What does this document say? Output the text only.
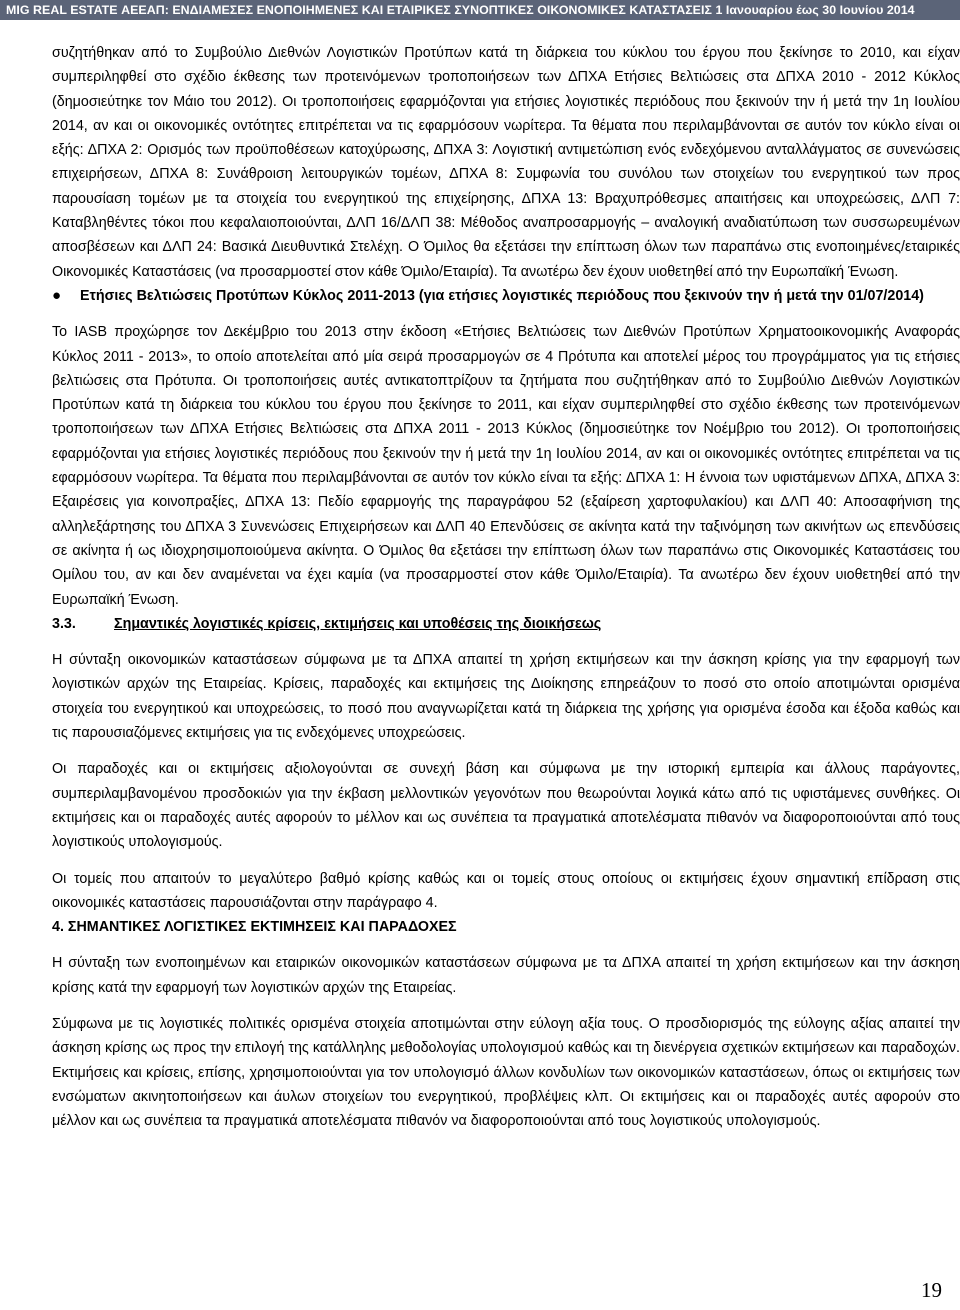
MIG REAL ESTATE ΑΕΕΑΠ: ΕΝΔΙΑΜΕΣΕΣ ΕΝΟΠΟΙΗΜΕΝΕΣ ΚΑΙ ΕΤΑΙΡΙΚΕΣ ΣΥΝΟΠΤΙΚΕΣ ΟΙΚΟΝΟΜΙΚΕΣ ΚΑΤΑΣΤΑΣΕΙΣ 1 Ιανουαρίου έως 30 Ιουνίου 2014

συζητήθηκαν από το Συμβούλιο Διεθνών Λογιστικών Προτύπων κατά τη διάρκεια του κύκλου του έργου που ξεκίνησε το 2010, και είχαν συμπεριληφθεί στο σχέδιο έκθεσης των προτεινόμενων τροποποιήσεων των ΔΠΧΑ Ετήσιες Βελτιώσεις στα ΔΠΧΑ 2010 - 2012 Κύκλος (δημοσιεύτηκε τον Μάιο του 2012). Οι τροποποιήσεις εφαρμόζονται για ετήσιες λογιστικές περιόδους που ξεκινούν την ή μετά την 1η Ιουλίου 2014, αν και οι οικονομικές οντότητες επιτρέπεται να τις εφαρμόσουν νωρίτερα. Τα θέματα που περιλαμβάνονται σε αυτόν τον κύκλο είναι οι εξής: ΔΠΧΑ 2: Ορισμός των προϋποθέσεων κατοχύρωσης, ΔΠΧΑ 3: Λογιστική αντιμετώπιση ενός ενδεχόμενου ανταλλάγματος σε συνενώσεις επιχειρήσεων, ΔΠΧΑ 8: Συνάθροιση λειτουργικών τομέων, ΔΠΧΑ 8: Συμφωνία του συνόλου των στοιχείων του ενεργητικού των προς παρουσίαση τομέων με τα στοιχεία του ενεργητικού της επιχείρησης, ΔΠΧΑ 13: Βραχυπρόθεσμες απαιτήσεις και υποχρεώσεις, ΔΛΠ 7: Καταβληθέντες τόκοι που κεφαλαιοποιούνται, ΔΛΠ 16/ΔΛΠ 38: Μέθοδος αναπροσαρμογής – αναλογική αναδιατύπωση των συσσωρευμένων αποσβέσεων και ΔΛΠ 24: Βασικά Διευθυντικά Στελέχη. Ο Όμιλος θα εξετάσει την επίπτωση όλων των παραπάνω στις ενοποιημένες/εταιρικές Οικονομικές Καταστάσεις (να προσαρμοστεί στον κάθε Όμιλο/Εταιρία). Τα ανωτέρω δεν έχουν υιοθετηθεί από την Ευρωπαϊκή Ένωση.

●	Ετήσιες Βελτιώσεις Προτύπων Κύκλος 2011-2013 (για ετήσιες λογιστικές περιόδους που ξεκινούν την ή μετά την 01/07/2014)

Το IASB προχώρησε τον Δεκέμβριο του 2013 στην έκδοση «Ετήσιες Βελτιώσεις των Διεθνών Προτύπων Χρηματοοικονομικής Αναφοράς Κύκλος 2011 - 2013», το οποίο αποτελείται από μία σειρά προσαρμογών σε 4 Πρότυπα και αποτελεί μέρος του προγράμματος για τις ετήσιες βελτιώσεις στα Πρότυπα. Οι τροποποιήσεις αυτές αντικατοπτρίζουν τα ζητήματα που συζητήθηκαν από το Συμβούλιο Διεθνών Λογιστικών Προτύπων κατά τη διάρκεια του κύκλου του έργου που ξεκίνησε το 2011, και είχαν συμπεριληφθεί στο σχέδιο έκθεσης των προτεινόμενων τροποποιήσεων των ΔΠΧΑ Ετήσιες Βελτιώσεις στα ΔΠΧΑ 2011 - 2013 Κύκλος (δημοσιεύτηκε τον Νοέμβριο του 2012). Οι τροποποιήσεις εφαρμόζονται για ετήσιες λογιστικές περιόδους που ξεκινούν την ή μετά την 1η Ιουλίου 2014, αν και οι οικονομικές οντότητες επιτρέπεται να τις εφαρμόσουν νωρίτερα. Τα θέματα που περιλαμβάνονται σε αυτόν τον κύκλο είναι τα εξής: ΔΠΧΑ 1: Η έννοια των υφιστάμενων ΔΠΧΑ, ΔΠΧΑ 3: Εξαιρέσεις για κοινοπραξίες, ΔΠΧΑ 13: Πεδίο εφαρμογής της παραγράφου 52 (εξαίρεση χαρτοφυλακίου) και ΔΛΠ 40: Αποσαφήνιση της αλληλεξάρτησης του ΔΠΧΑ 3 Συνενώσεις Επιχειρήσεων και ΔΛΠ 40 Επενδύσεις σε ακίνητα κατά την ταξινόμηση των ακινήτων ως επενδύσεις σε ακίνητα ή ως ιδιοχρησιμοποιούμενα ακίνητα. Ο Όμιλος θα εξετάσει την επίπτωση όλων των παραπάνω στις Οικονομικές Καταστάσεις του Ομίλου του, αν και δεν αναμένεται να έχει καμία (να προσαρμοστεί στον κάθε Όμιλο/Εταιρία). Τα ανωτέρω δεν έχουν υιοθετηθεί από την Ευρωπαϊκή Ένωση.

3.3.	Σημαντικές λογιστικές κρίσεις, εκτιμήσεις και υποθέσεις της διοικήσεως

Η σύνταξη οικονομικών καταστάσεων σύμφωνα με τα ΔΠΧΑ απαιτεί τη χρήση εκτιμήσεων και την άσκηση κρίσης για την εφαρμογή των λογιστικών αρχών της Εταιρείας. Κρίσεις, παραδοχές και εκτιμήσεις της Διοίκησης επηρεάζουν το ποσό στο οποίο αποτιμώνται ορισμένα στοιχεία του ενεργητικού και υποχρεώσεις, το ποσό που αναγνωρίζεται κατά τη διάρκεια της χρήσης για ορισμένα έσοδα και έξοδα καθώς και τις παρουσιαζόμενες εκτιμήσεις για τις ενδεχόμενες υποχρεώσεις.

Οι παραδοχές και οι εκτιμήσεις αξιολογούνται σε συνεχή βάση και σύμφωνα με την ιστορική εμπειρία και άλλους παράγοντες, συμπεριλαμβανομένου προσδοκιών για την έκβαση μελλοντικών γεγονότων που θεωρούνται λογικά κάτω από τις υφιστάμενες συνθήκες. Οι εκτιμήσεις και οι παραδοχές αυτές αφορούν το μέλλον και ως συνέπεια τα πραγματικά αποτελέσματα πιθανόν να διαφοροποιούνται από τους λογιστικούς υπολογισμούς.

Οι τομείς που απαιτούν το μεγαλύτερο βαθμό κρίσης καθώς και οι τομείς στους οποίους οι εκτιμήσεις έχουν σημαντική επίδραση στις οικονομικές καταστάσεις παρουσιάζονται στην παράγραφο 4.

4. ΣΗΜΑΝΤΙΚΕΣ ΛΟΓΙΣΤΙΚΕΣ ΕΚΤΙΜΗΣΕΙΣ ΚΑΙ ΠΑΡΑΔΟΧΕΣ

Η σύνταξη των ενοποιημένων και εταιρικών οικονομικών καταστάσεων σύμφωνα με τα ΔΠΧΑ απαιτεί τη χρήση εκτιμήσεων και την άσκηση κρίσης κατά την εφαρμογή των λογιστικών αρχών της Εταιρείας.

Σύμφωνα με τις λογιστικές πολιτικές ορισμένα στοιχεία αποτιμώνται στην εύλογη αξία τους. Ο προσδιορισμός της εύλογης αξίας απαιτεί την άσκηση κρίσης ως προς την επιλογή της κατάλληλης μεθοδολογίας υπολογισμού καθώς και τη διενέργεια σχετικών εκτιμήσεων και παραδοχών. Εκτιμήσεις και κρίσεις, επίσης, χρησιμοποιούνται για τον υπολογισμό άλλων κονδυλίων των οικονομικών καταστάσεων, όπως οι εκτιμήσεις των ενσώματων ακινητοποιήσεων και άυλων στοιχείων του ενεργητικού, προβλέψεις κλπ. Οι εκτιμήσεις και οι παραδοχές αυτές αφορούν στο μέλλον και ως συνέπεια τα πραγματικά αποτελέσματα πιθανόν να διαφοροποιούνται από τους λογιστικούς υπολογισμούς.

19
